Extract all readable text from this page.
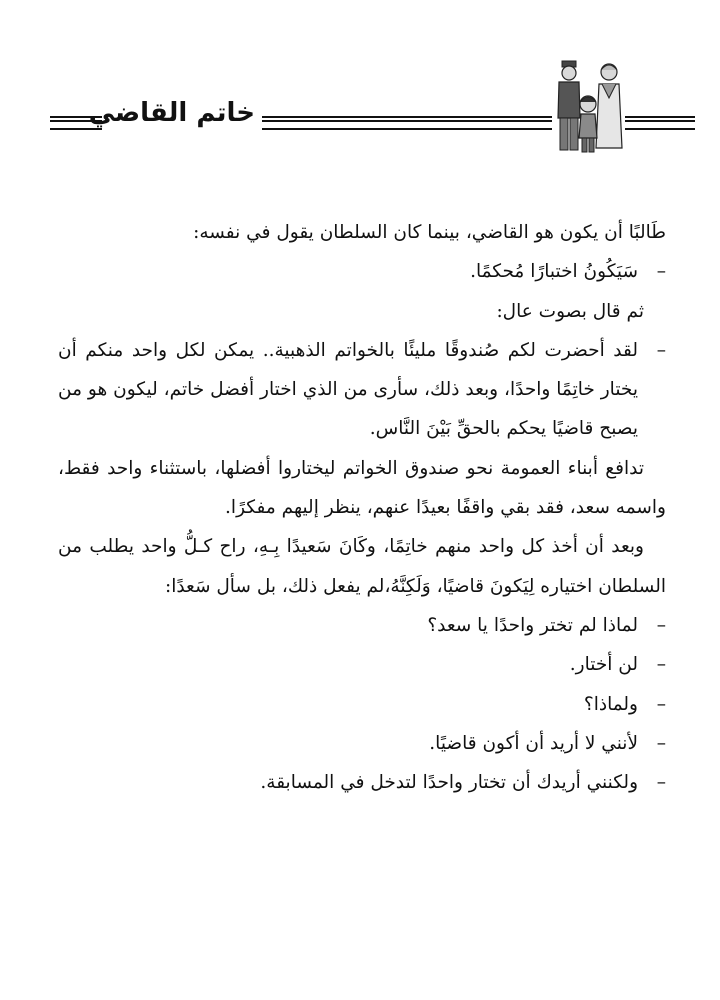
خاتم القاضي

طَالبًا أن يكون هو القاضي، بينما كان السلطان يقول في نفسه:

–
سَيَكُونُ اختبارًا مُحكمًا.

ثم قال بصوت عال:

–
لقد أحضرت لكم صُندوقًا مليئًا بالخواتم الذهبية.. يمكن لكل واحد منكم أن يختار خاتِمًا واحدًا، وبعد ذلك، سأرى من الذي اختار أفضل خاتم، ليكون هو من يصبح قاضيًا يحكم بالحقِّ بَيْنَ النَّاس.

تدافع أبناء العمومة نحو صندوق الخواتم ليختاروا أفضلها، باستثناء واحد فقط، واسمه سعد، فقد بقي واقفًا بعيدًا عنهم، ينظر إليهم مفكرًا.

وبعد أن أخذ كل واحد منهم خاتِمًا، وكَانَ سَعيدًا بِـهِ، راح كـلُّ واحد يطلب من السلطان اختياره لِيَكونَ قاضيًا، وَلَكِنَّهُ،لم يفعل ذلك، بل سأل سَعدًا:

–
لماذا لم تختر واحدًا يا سعد؟

–
لن أختار.

–
ولماذا؟

–
لأنني لا أريد أن أكون قاضيًا.

–
ولكنني أريدك أن تختار واحدًا لتدخل في المسابقة.
